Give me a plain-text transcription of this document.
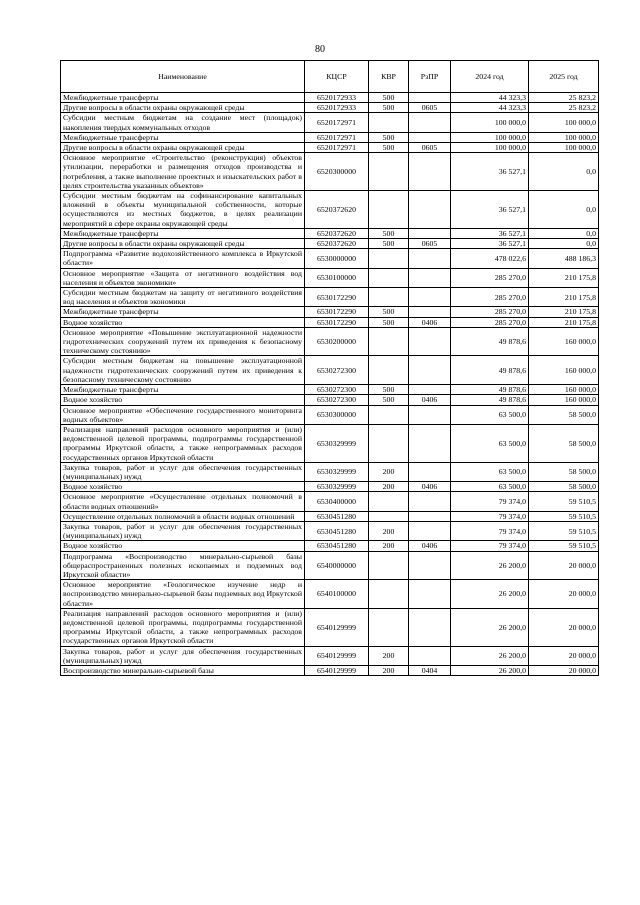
80
Наименование	КЦСР	КВР	РзПР	2024 год	2025 год
Межбюджетные трансферты	6520172933	500		44 323,3	25 823,2
Другие вопросы в области охраны окружающей среды	6520172933	500	0605	44 323,3	25 823,2
Субсидии местным бюджетам на создание мест (площадок) накопления твердых коммунальных отходов	6520172971			100 000,0	100 000,0
Межбюджетные трансферты	6520172971	500		100 000,0	100 000,0
Другие вопросы в области охраны окружающей среды	6520172971	500	0605	100 000,0	100 000,0
Основное мероприятие «Строительство (реконструкция) объектов утилизации, переработки и размещения отходов производства и потребления, а также выполнение проектных и изыскательских работ в целях строительства указанных объектов»	6520300000			36 527,1	0,0
Субсидии местным бюджетам на софинансирование капитальных вложений в объекты муниципальной собственности, которые осуществляются из местных бюджетов, в целях реализации мероприятий в сфере охраны окружающей среды	6520372620			36 527,1	0,0
Межбюджетные трансферты	6520372620	500		36 527,1	0,0
Другие вопросы в области охраны окружающей среды	6520372620	500	0605	36 527,1	0,0
Подпрограмма «Развитие водохозяйственного комплекса в Иркутской области»	6530000000			478 022,6	488 186,3
Основное мероприятие «Защита от негативного воздействия вод населения и объектов экономики»	6530100000			285 270,0	210 175,8
Субсидии местным бюджетам на защиту от негативного воздействия вод населения и объектов экономики	6530172290			285 270,0	210 175,8
Межбюджетные трансферты	6530172290	500		285 270,0	210 175,8
Водное хозяйство	6530172290	500	0406	285 270,0	210 175,8
Основное мероприятие «Повышение эксплуатационной надежности гидротехнических сооружений путем их приведения к безопасному техническому состоянию»	6530200000			49 878,6	160 000,0
Субсидии местным бюджетам на повышение эксплуатационной надежности гидротехнических сооружений путем их приведения к безопасному техническому состоянию	6530272300			49 878,6	160 000,0
Межбюджетные трансферты	6530272300	500		49 878,6	160 000,0
Водное хозяйство	6530272300	500	0406	49 878,6	160 000,0
Основное мероприятие «Обеспечение государственного мониторинга водных объектов»	6530300000			63 500,0	58 500,0
Реализация направлений расходов основного мероприятия и (или) ведомственной целевой программы, подпрограммы государственной программы Иркутской области, а также непрограммных расходов государственных органов Иркутской области	6530329999			63 500,0	58 500,0
Закупка товаров, работ и услуг для обеспечения государственных (муниципальных) нужд	6530329999	200		63 500,0	58 500,0
Водное хозяйство	6530329999	200	0406	63 500,0	58 500,0
Основное мероприятие «Осуществление отдельных полномочий в области водных отношений»	6530400000			79 374,0	59 510,5
Осуществление отдельных полномочий в области водных отношений	6530451280			79 374,0	59 510,5
Закупка товаров, работ и услуг для обеспечения государственных (муниципальных) нужд	6530451280	200		79 374,0	59 510,5
Водное хозяйство	6530451280	200	0406	79 374,0	59 510,5
Подпрограмма «Воспроизводство минерально-сырьевой базы общераспространенных полезных ископаемых и подземных вод Иркутской области»	6540000000			26 200,0	20 000,0
Основное мероприятие «Геологическое изучение недр и воспроизводство минерально-сырьевой базы подземных вод Иркутской области»	6540100000			26 200,0	20 000,0
Реализация направлений расходов основного мероприятия и (или) ведомственной целевой программы, подпрограммы государственной программы Иркутской области, а также непрограммных расходов государственных органов Иркутской области	6540129999			26 200,0	20 000,0
Закупка товаров, работ и услуг для обеспечения государственных (муниципальных) нужд	6540129999	200		26 200,0	20 000,0
Воспроизводство минерально-сырьевой базы	6540129999	200	0404	26 200,0	20 000,0
